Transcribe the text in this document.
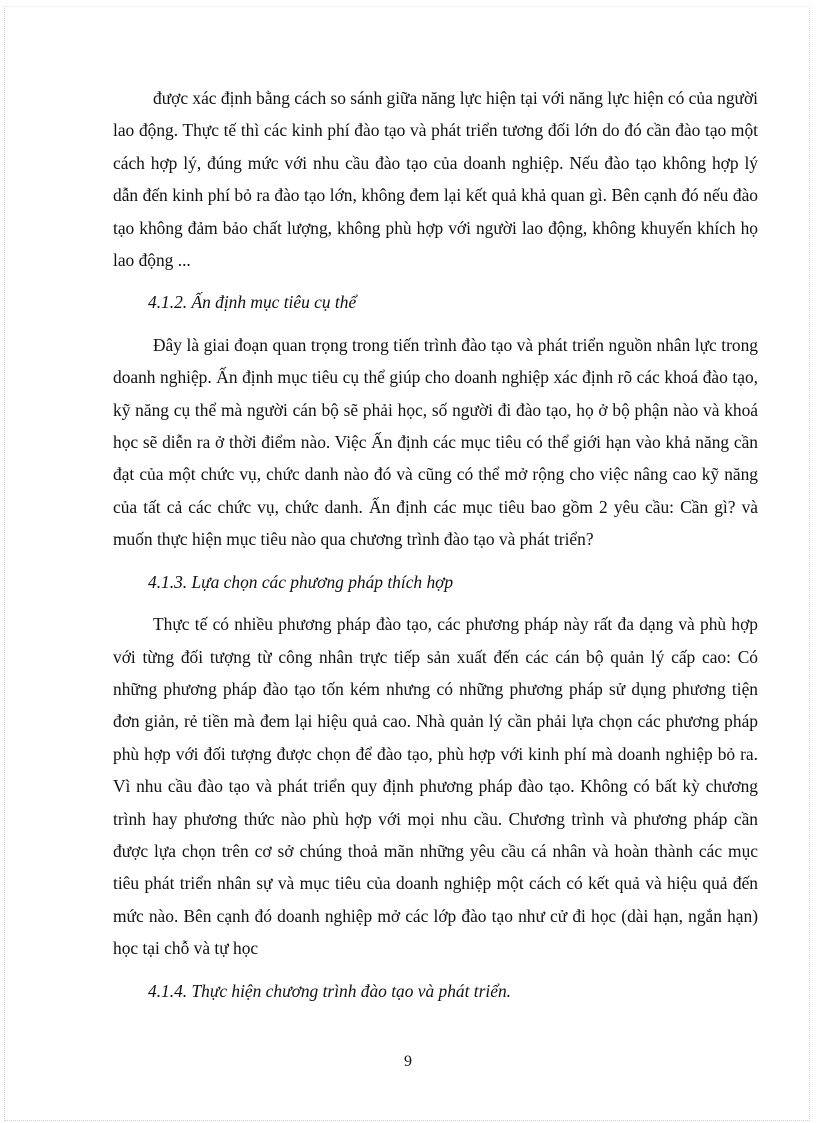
được xác định bằng cách so sánh giữa năng lực hiện tại với năng lực hiện có của người lao động. Thực tế thì các kinh phí đào tạo và phát triển tương đối lớn do đó cần đào tạo một cách hợp lý, đúng mức với nhu cầu đào tạo của doanh nghiệp. Nếu đào tạo không hợp lý dẫn đến kinh phí bỏ ra đào tạo lớn, không đem lại kết quả khả quan gì. Bên cạnh đó nếu đào tạo không đảm bảo chất lượng, không phù hợp với người lao động, không khuyến khích họ lao động ...

4.1.2. Ấn định mục tiêu cụ thể

Đây là giai đoạn quan trọng trong tiến trình đào tạo và phát triển nguồn nhân lực trong doanh nghiệp. Ấn định mục tiêu cụ thể giúp cho doanh nghiệp xác định rõ các khoá đào tạo, kỹ năng cụ thể mà người cán bộ sẽ phải học, số người đi đào tạo, họ ở bộ phận nào và khoá học sẽ diễn ra ở thời điểm nào. Việc Ấn định các mục tiêu có thể giới hạn vào khả năng cần đạt của một chức vụ, chức danh nào đó và cũng có thể mở rộng cho việc nâng cao kỹ năng của tất cả các chức vụ, chức danh. Ấn định các mục tiêu bao gồm 2 yêu cầu: Cần gì? và muốn thực hiện mục tiêu nào qua chương trình đào tạo và phát triển?

4.1.3. Lựa chọn các phương pháp thích hợp

Thực tế có nhiều phương pháp đào tạo, các phương pháp này rất đa dạng và phù hợp với từng đối tượng từ công nhân trực tiếp sản xuất đến các cán bộ quản lý cấp cao: Có những phương pháp đào tạo tốn kém nhưng có những phương pháp sử dụng phương tiện đơn giản, rẻ tiền mà đem lại hiệu quả cao. Nhà quản lý cần phải lựa chọn các phương pháp phù hợp với đối tượng được chọn để đào tạo, phù hợp với kinh phí mà doanh nghiệp bỏ ra. Vì nhu cầu đào tạo và phát triển quy định phương pháp đào tạo. Không có bất kỳ chương trình hay phương thức nào phù hợp với mọi nhu cầu. Chương trình và phương pháp cần được lựa chọn trên cơ sở chúng thoả mãn những yêu cầu cá nhân và hoàn thành các mục tiêu phát triển nhân sự và mục tiêu của doanh nghiệp một cách có kết quả và hiệu quả đến mức nào. Bên cạnh đó doanh nghiệp mở các lớp đào tạo như cử đi học (dài hạn, ngắn hạn) học tại chỗ và tự học

4.1.4. Thực hiện chương trình đào tạo và phát triển.

9
